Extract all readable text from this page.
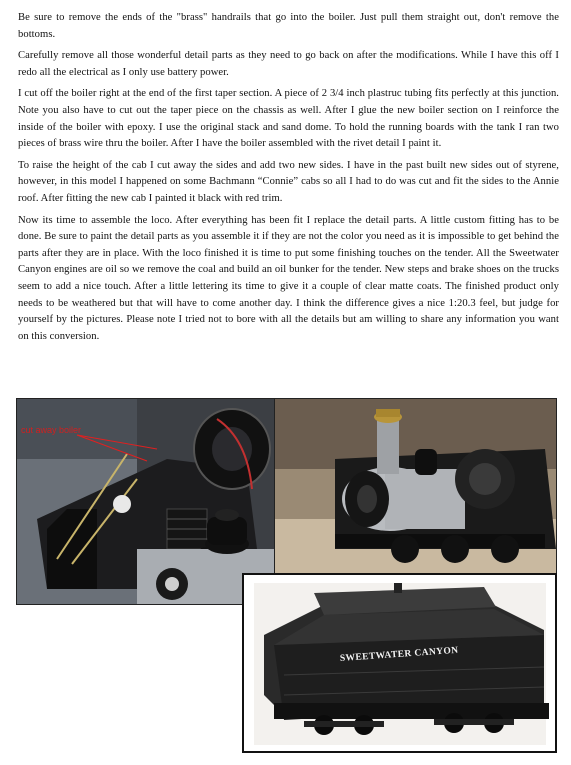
Be sure to remove the ends of the "brass" handrails that go into the boiler. Just pull them straight out, don't remove the bottoms.

Carefully remove all those wonderful detail parts as they need to go back on after the modifications. While I have this off I redo all the electrical as I only use battery power.

I cut off the boiler right at the end of the first taper section. A piece of 2 3/4 inch plastruc tubing fits perfectly at this junction. Note you also have to cut out the taper piece on the chassis as well. After I glue the new boiler section on I reinforce the inside of the boiler with epoxy. I use the original stack and sand dome. To hold the running boards with the tank I ran two pieces of brass wire thru the boiler. After I have the boiler assembled with the rivet detail I paint it.

To raise the height of the cab I cut away the sides and add two new sides. I have in the past built new sides out of styrene, however, in this model I happened on some Bachmann “Connie” cabs so all I had to do was cut and fit the sides to the Annie roof. After fitting the new cab I painted it black with red trim.

Now its time to assemble the loco. After everything has been fit I replace the detail parts. A little custom fitting has to be done. Be sure to paint the detail parts as you assemble it if they are not the color you need as it is impossible to get behind the parts after they are in place. With the loco finished it is time to put some finishing touches on the tender. All the Sweetwater Canyon engines are oil so we remove the coal and build an oil bunker for the tender. New steps and brake shoes on the trucks seem to add a nice touch. After a little lettering its time to give it a couple of clear matte coats. The finished product only needs to be weathered but that will have to come another day. I think the difference gives a nice 1:20.3 feel, but judge for yourself by the pictures. Please note I tried not to bore with all the details but am willing to share any information you want on this conversion.

cut away boiler
SWEETWATER CANYON
